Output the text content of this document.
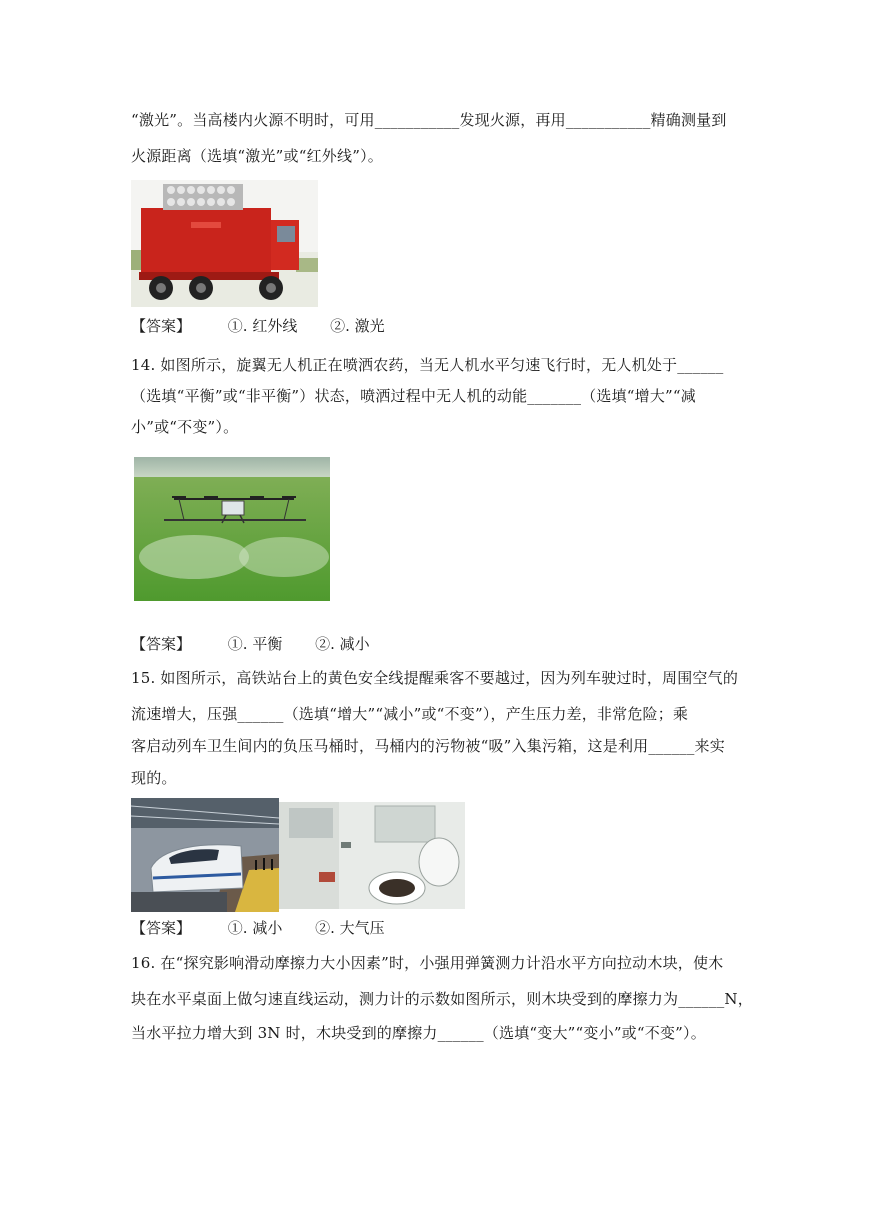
“激光”。当高楼内火源不明时，可用___________发现火源，再用___________精确测量到
火源距离（选填“激光”或“红外线”）。
【答案】 ①. 红外线 ②. 激光
14. 如图所示，旋翼无人机正在喷洒农药，当无人机水平匀速飞行时，无人机处于______
（选填“平衡”或“非平衡”）状态，喷洒过程中无人机的动能_______（选填“增大”“减
小”或“不变”）。
【答案】 ①. 平衡 ②. 减小
15. 如图所示，高铁站台上的黄色安全线提醒乘客不要越过，因为列车驶过时，周围空气的
流速增大，压强______（选填“增大”“减小”或“不变”），产生压力差，非常危险；乘
客启动列车卫生间内的负压马桶时，马桶内的污物被“吸”入集污箱，这是利用______来实
现的。
【答案】 ①. 减小 ②. 大气压
16. 在“探究影响滑动摩擦力大小因素”时，小强用弹簧测力计沿水平方向拉动木块，使木
块在水平桌面上做匀速直线运动，测力计的示数如图所示，则木块受到的摩擦力为______N，
当水平拉力增大到 3N 时，木块受到的摩擦力______（选填“变大”“变小”或“不变”）。
